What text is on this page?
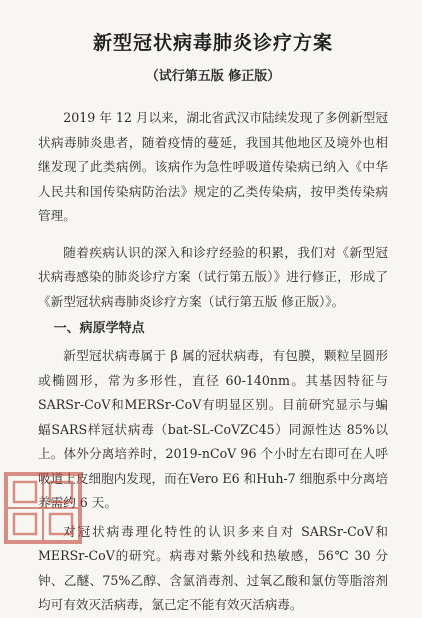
新型冠状病毒肺炎诊疗方案
（试行第五版 修正版）

2019 年 12 月以来，湖北省武汉市陆续发现了多例新型冠状病毒肺炎患者，随着疫情的蔓延，我国其他地区及境外也相继发现了此类病例。该病作为急性呼吸道传染病已纳入《中华人民共和国传染病防治法》规定的乙类传染病，按甲类传染病管理。

随着疾病认识的深入和诊疗经验的积累，我们对《新型冠状病毒感染的肺炎诊疗方案（试行第五版）》进行修正，形成了《新型冠状病毒肺炎诊疗方案（试行第五版 修正版）》。

一、病原学特点

新型冠状病毒属于 β 属的冠状病毒，有包膜，颗粒呈圆形或椭圆形，常为多形性，直径 60-140nm。其基因特征与SARSr-CoV和MERSr-CoV有明显区别。目前研究显示与蝙蝠SARS样冠状病毒（bat-SL-CoVZC45）同源性达 85%以上。体外分离培养时，2019-nCoV 96 个小时左右即可在人呼吸道上皮细胞内发现，而在Vero E6 和Huh-7 细胞系中分离培养需约 6 天。

对冠状病毒理化特性的认识多来自对 SARSr-CoV和MERSr-CoV的研究。病毒对紫外线和热敏感，56℃ 30 分钟、乙醚、75%乙醇、含氯消毒剂、过氧乙酸和氯仿等脂溶剂均可有效灭活病毒，氯己定不能有效灭活病毒。
